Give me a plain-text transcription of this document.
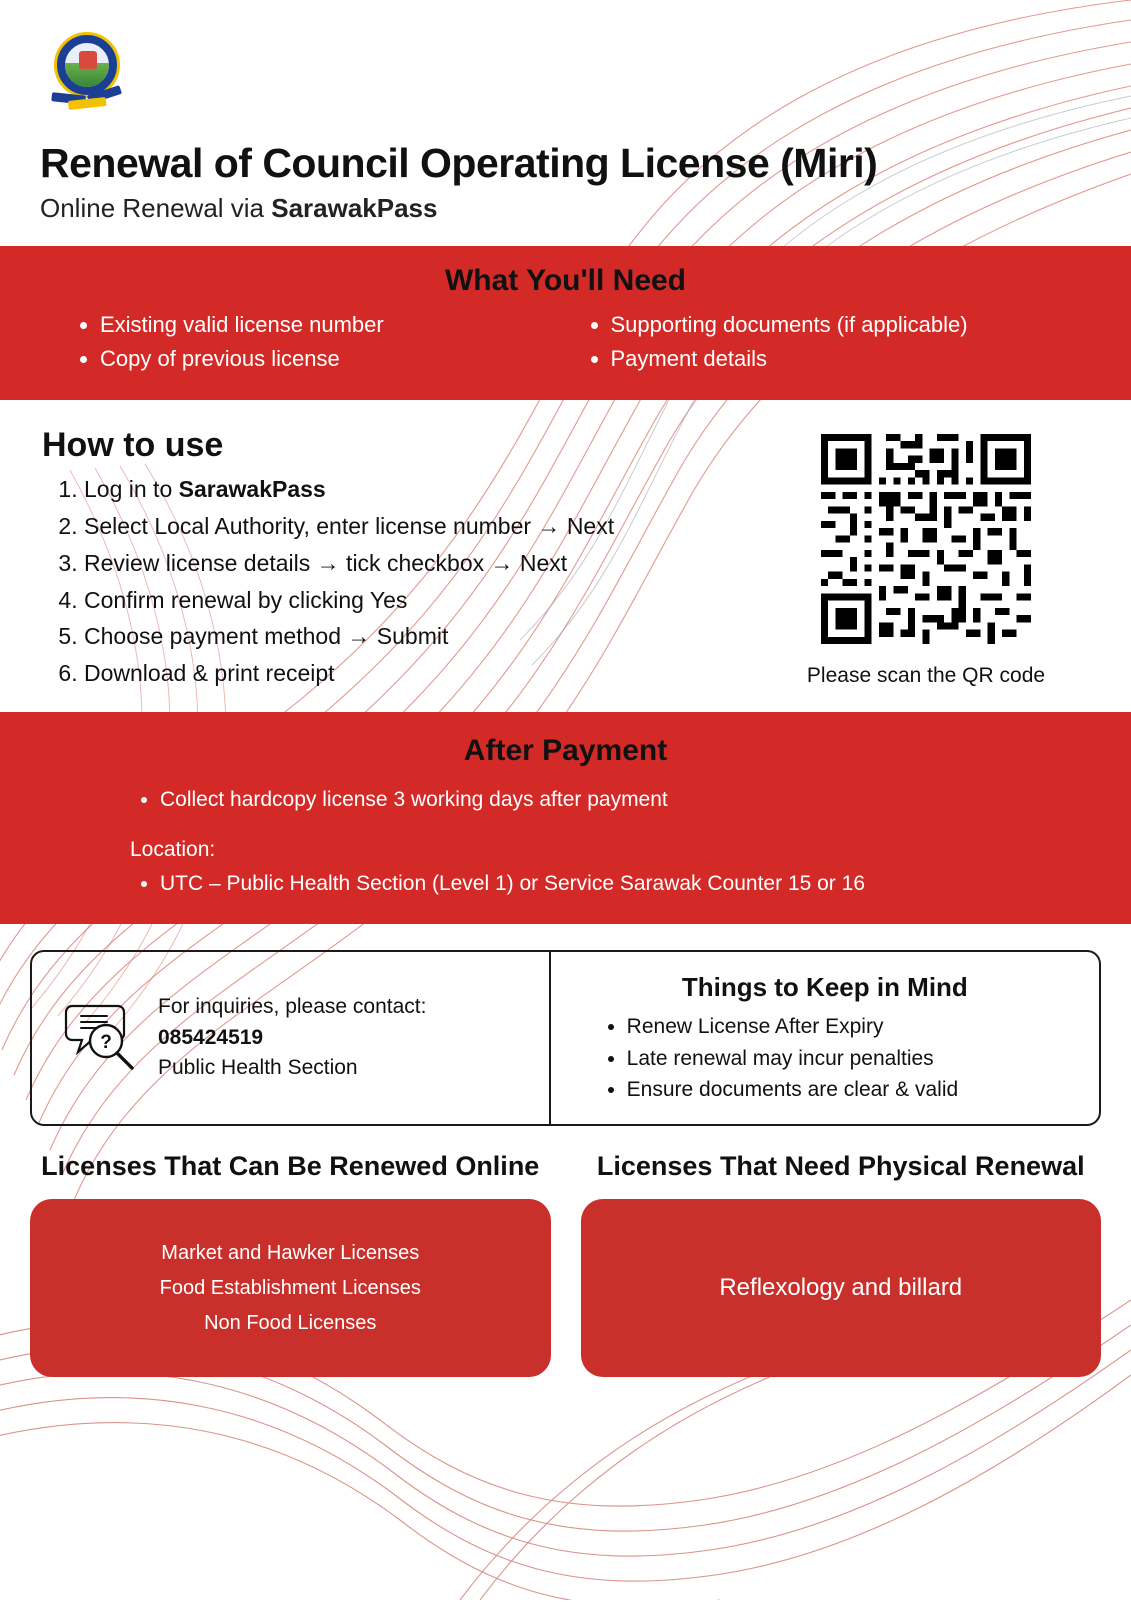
Renewal of Council Operating License (Miri)
Online Renewal via SarawakPass
What You'll Need
• Existing valid license number
• Copy of previous license
• Supporting documents (if applicable)
• Payment details
How to use
1. Log in to SarawakPass
2. Select Local Authority, enter license number → Next
3. Review license details → tick checkbox → Next
4. Confirm renewal by clicking Yes
5. Choose payment method → Submit
6. Download & print receipt	Please scan the QR code
After Payment
• Collect hardcopy license 3 working days after payment
Location:
• UTC – Public Health Section (Level 1) or Service Sarawak Counter 15 or 16
?
For inquiries, please contact:
085424519
Public Health Section
Things to Keep in Mind
• Renew License After Expiry
• Late renewal may incur penalties
• Ensure documents are clear & valid
Licenses That Can Be Renewed Online
Market and Hawker Licenses
Food Establishment Licenses
Non Food Licenses
Licenses That Need Physical Renewal
Reflexology and billard
